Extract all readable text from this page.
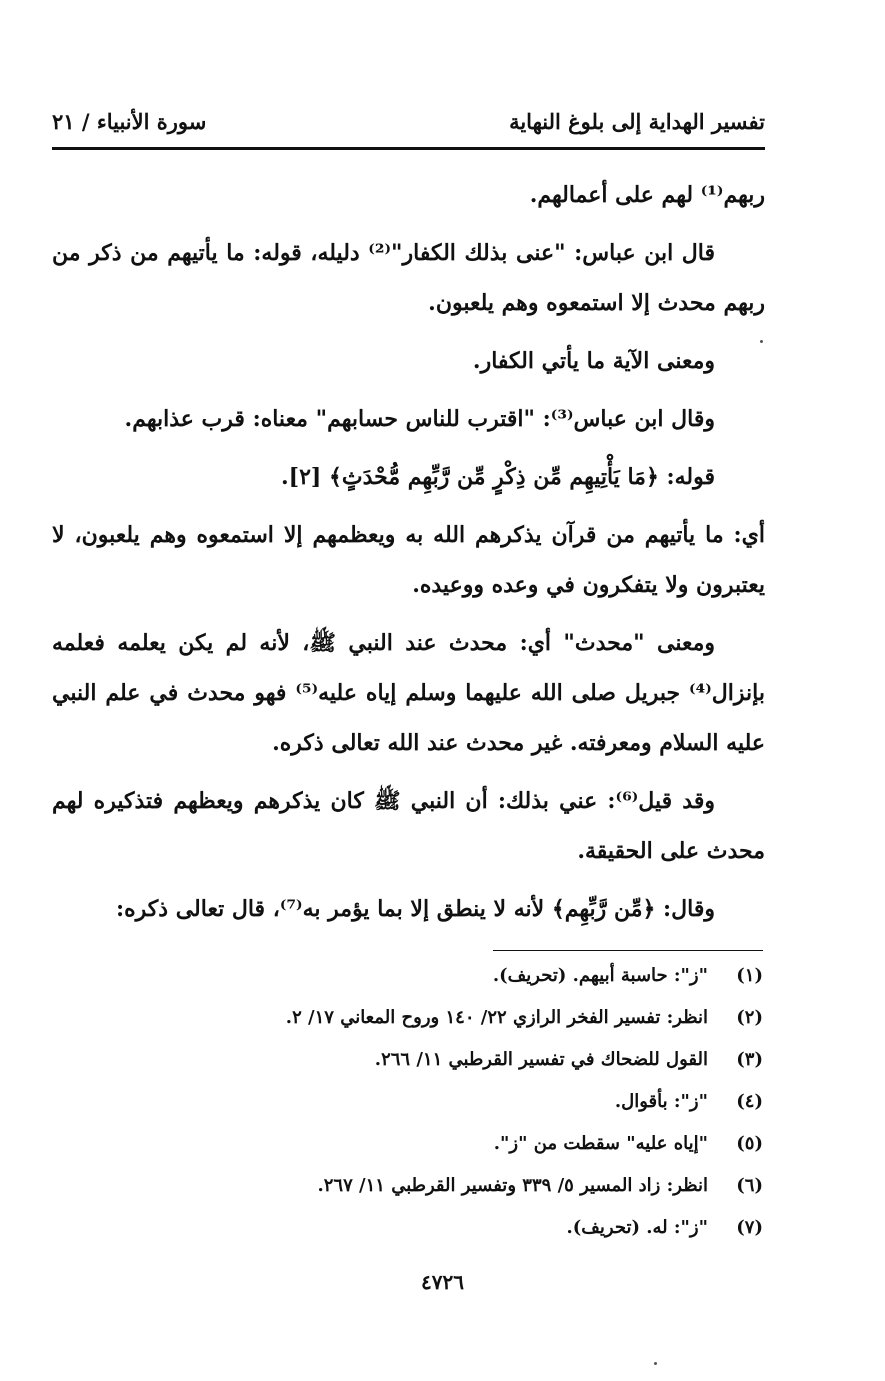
تفسير الهداية إلى بلوغ النهاية
سورة الأنبياء / ٢١

ربهم⁽¹⁾ لهم على أعمالهم.

قال ابن عباس: "عنى بذلك الكفار"⁽²⁾ دليله، قوله: ما يأتيهم من ذكر من ربهم محدث إلا استمعوه وهم يلعبون.

ومعنى الآية ما يأتي الكفار.

وقال ابن عباس⁽³⁾: "اقترب للناس حسابهم" معناه: قرب عذابهم.

قوله: ﴿مَا يَأْتِيهِم مِّن ذِكْرٍ مِّن رَّبِّهِم مُّحْدَثٍ﴾ [٢].

أي: ما يأتيهم من قرآن يذكرهم الله به ويعظمهم إلا استمعوه وهم يلعبون، لا يعتبرون ولا يتفكرون في وعده ووعيده.

ومعنى "محدث" أي: محدث عند النبي ﷺ، لأنه لم يكن يعلمه فعلمه بإنزال⁽⁴⁾ جبريل صلى الله عليهما وسلم إياه عليه⁽⁵⁾ فهو محدث في علم النبي عليه السلام ومعرفته. غير محدث عند الله تعالى ذكره.

وقد قيل⁽⁶⁾: عني بذلك: أن النبي ﷺ كان يذكرهم ويعظهم فتذكيره لهم محدث على الحقيقة.

وقال: ﴿مِّن رَّبِّهِم﴾ لأنه لا ينطق إلا بما يؤمر به⁽⁷⁾، قال تعالى ذكره:

(١)"ز": حاسبة أبيهم. (تحريف).

(٢)انظر: تفسير الفخر الرازي ٢٢/ ١٤٠ وروح المعاني ١٧/ ٢.

(٣)القول للضحاك في تفسير القرطبي ١١/ ٢٦٦.

(٤)"ز": بأقوال.

(٥)"إياه عليه" سقطت من "ز".

(٦)انظر: زاد المسير ٥/ ٣٣٩ وتفسير القرطبي ١١/ ٢٦٧.

(٧)"ز": له. (تحريف).

٤٧٢٦
